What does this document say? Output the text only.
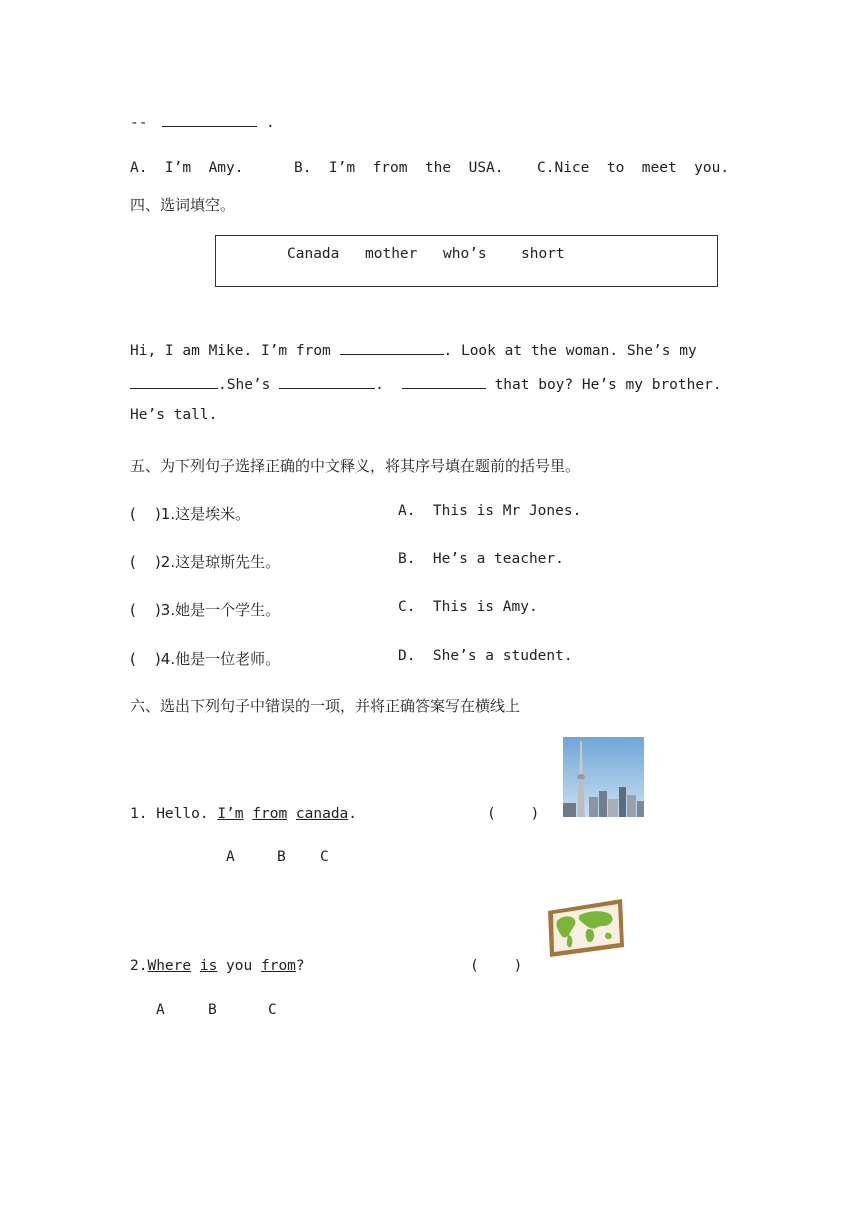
--	.
A.  I’m  Amy.	B.  I’m  from  the  USA. C.Nice  to  meet  you.
四、选词填空。
Canada mother who’s short
Hi, I am Mike. I’m from	. Look at the woman. She’s my
.She’s	.	that boy? He’s my brother.
He’s tall.
五、为下列句子选择正确的中文释义，将其序号填在题前的括号里。
(    )1.这是埃米。	A.  This is Mr Jones.
(    )2.这是琼斯先生。	B.  He’s a teacher.
(    )3.她是一个学生。	C.  This is Amy.
(    )4.他是一位老师。	D.  She’s a student.
六、选出下列句子中错误的一项，并将正确答案写在横线上
1. Hello. I’m from canada.	(    )
A	B C
2.Where is you from?	(    )
A	B	C
